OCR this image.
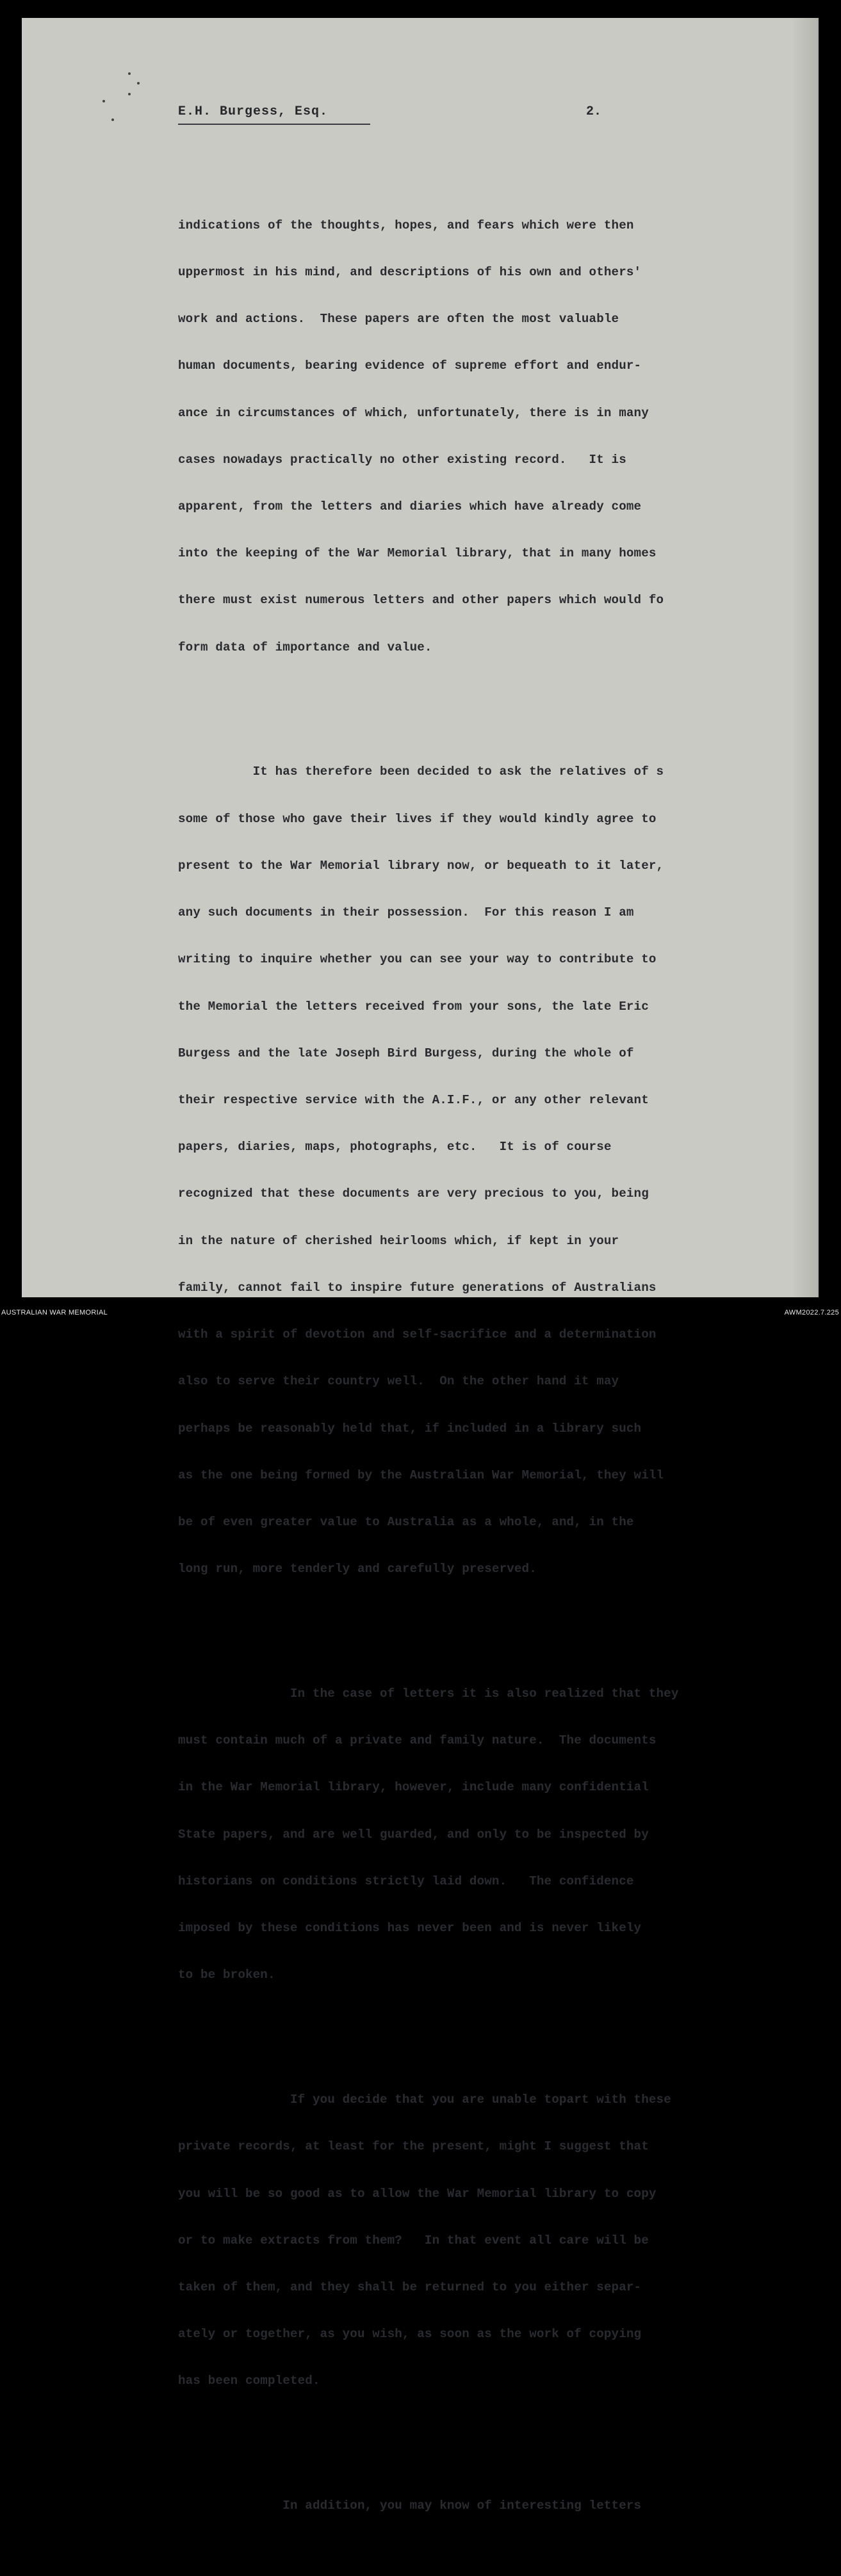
E.H. Burgess, Esq.	2.

indications of the thoughts, hopes, and fears which were then

uppermost in his mind, and descriptions of his own and others'

work and actions.  These papers are often the most valuable

human documents, bearing evidence of supreme effort and endur-

ance in circumstances of which, unfortunately, there is in many

cases nowadays practically no other existing record.   It is

apparent, from the letters and diaries which have already come

into the keeping of the War Memorial library, that in many homes

there must exist numerous letters and other papers which would fo

form data of importance and value.

It has therefore been decided to ask the relatives of s

some of those who gave their lives if they would kindly agree to

present to the War Memorial library now, or bequeath to it later,

any such documents in their possession.  For this reason I am

writing to inquire whether you can see your way to contribute to

the Memorial the letters received from your sons, the late Eric

Burgess and the late Joseph Bird Burgess, during the whole of

their respective service with the A.I.F., or any other relevant

papers, diaries, maps, photographs, etc.   It is of course

recognized that these documents are very precious to you, being

in the nature of cherished heirlooms which, if kept in your

family, cannot fail to inspire future generations of Australians

with a spirit of devotion and self-sacrifice and a determination

also to serve their country well.  On the other hand it may

perhaps be reasonably held that, if included in a library such

as the one being formed by the Australian War Memorial, they will

be of even greater value to Australia as a whole, and, in the

long run, more tenderly and carefully preserved.

In the case of letters it is also realized that they

must contain much of a private and family nature.  The documents

in the War Memorial library, however, include many confidential

State papers, and are well guarded, and only to be inspected by

historians on conditions strictly laid down.   The confidence

imposed by these conditions has never been and is never likely

to be broken.

If you decide that you are unable topart with these

private records, at least for the present, might I suggest that

you will be so good as to allow the War Memorial library to copy

or to make extracts from them?   In that event all care will be

taken of them, and they shall be returned to you either separ-

ately or together, as you wish, as soon as the work of copying

has been completed.

In addition, you may know of interesting letters

AUSTRALIAN WAR MEMORIAL	AWM2022.7.225
